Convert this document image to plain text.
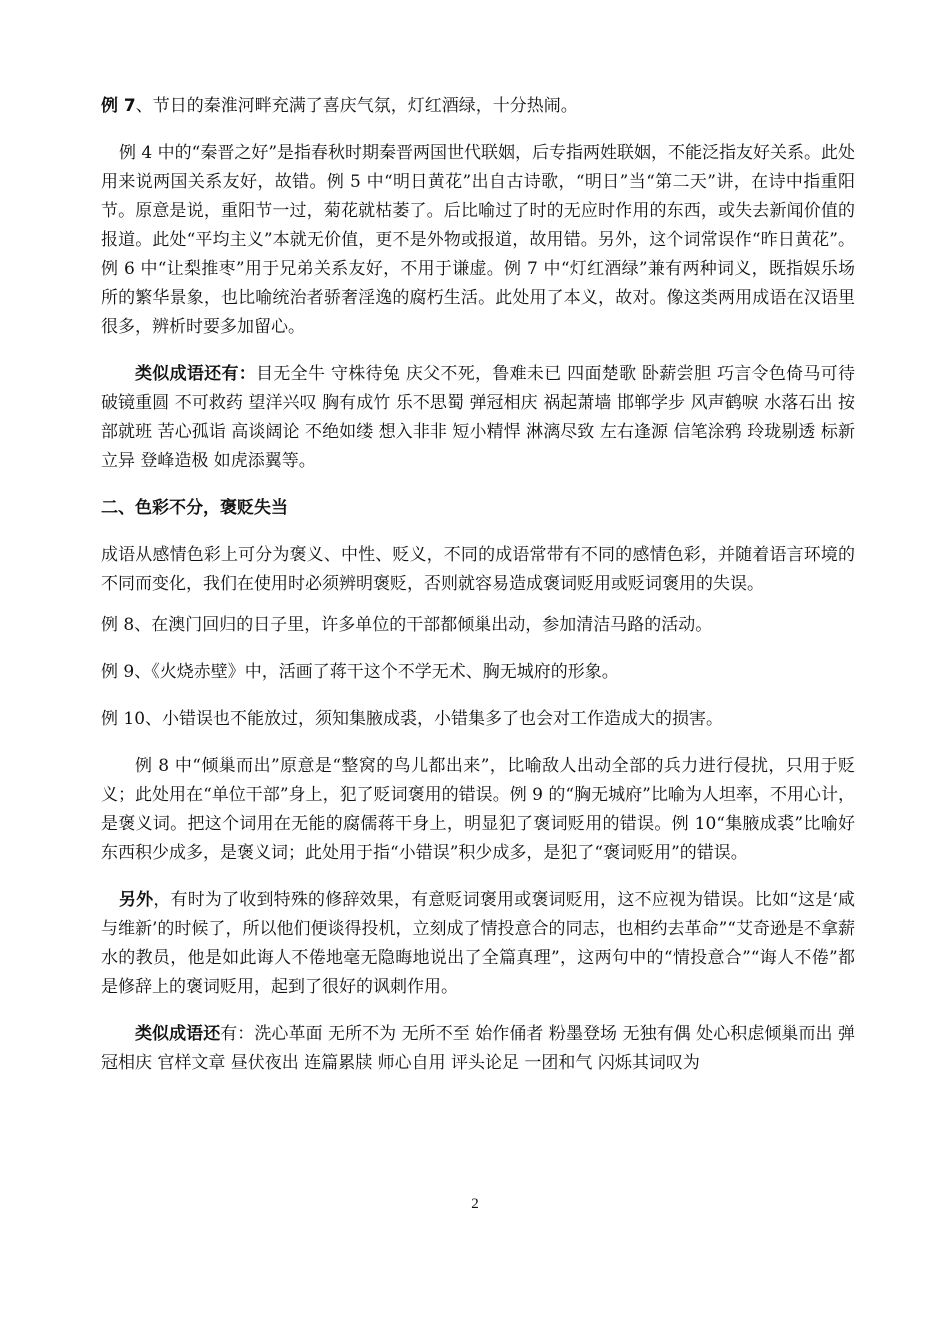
例 7、节日的秦淮河畔充满了喜庆气氛，灯红酒绿，十分热闹。

例 4 中的“秦晋之好”是指春秋时期秦晋两国世代联姻，后专指两姓联姻，不能泛指友好关系。此处用来说两国关系友好，故错。例 5 中“明日黄花”出自古诗歌，“明日”当“第二天”讲，在诗中指重阳节。原意是说，重阳节一过，菊花就枯萎了。后比喻过了时的无应时作用的东西，或失去新闻价值的报道。此处“平均主义”本就无价值，更不是外物或报道，故用错。另外，这个词常误作“昨日黄花”。例 6 中“让梨推枣”用于兄弟关系友好，不用于谦虚。例 7 中“灯红酒绿”兼有两种词义，既指娱乐场所的繁华景象，也比喻统治者骄奢淫逸的腐朽生活。此处用了本义，故对。像这类两用成语在汉语里很多，辨析时要多加留心。

类似成语还有：目无全牛 守株待兔 庆父不死，鲁难未已 四面楚歌 卧薪尝胆 巧言令色倚马可待 破镜重圆 不可救药 望洋兴叹 胸有成竹 乐不思蜀 弹冠相庆 祸起萧墙 邯郸学步 风声鹤唳 水落石出 按部就班 苦心孤诣 高谈阔论 不绝如缕 想入非非 短小精悍 淋漓尽致 左右逢源 信笔涂鸦 玲珑剔透 标新立异 登峰造极 如虎添翼等。

二、色彩不分，褒贬失当

成语从感情色彩上可分为褒义、中性、贬义，不同的成语常带有不同的感情色彩，并随着语言环境的不同而变化，我们在使用时必须辨明褒贬，否则就容易造成褒词贬用或贬词褒用的失误。

例 8、在澳门回归的日子里，许多单位的干部都倾巢出动，参加清洁马路的活动。

例 9、《火烧赤壁》中，活画了蒋干这个不学无术、胸无城府的形象。

例 10、小错误也不能放过，须知集腋成裘，小错集多了也会对工作造成大的损害。

例 8 中“倾巢而出”原意是“整窝的鸟儿都出来”，比喻敌人出动全部的兵力进行侵扰，只用于贬义；此处用在“单位干部”身上，犯了贬词褒用的错误。例 9 的“胸无城府”比喻为人坦率，不用心计，是褒义词。把这个词用在无能的腐儒蒋干身上，明显犯了褒词贬用的错误。例 10“集腋成裘”比喻好东西积少成多，是褒义词；此处用于指“小错误”积少成多，是犯了“褒词贬用”的错误。

另外，有时为了收到特殊的修辞效果，有意贬词褒用或褒词贬用，这不应视为错误。比如“这是‘咸与维新’的时候了，所以他们便谈得投机，立刻成了情投意合的同志，也相约去革命”“艾奇逊是不拿薪水的教员，他是如此诲人不倦地毫无隐晦地说出了全篇真理”，这两句中的“情投意合”“诲人不倦”都是修辞上的褒词贬用，起到了很好的讽刺作用。

类似成语还有：洗心革面 无所不为 无所不至 始作俑者 粉墨登场 无独有偶 处心积虑倾巢而出 弹冠相庆 官样文章 昼伏夜出 连篇累牍 师心自用 评头论足 一团和气 闪烁其词叹为

2
